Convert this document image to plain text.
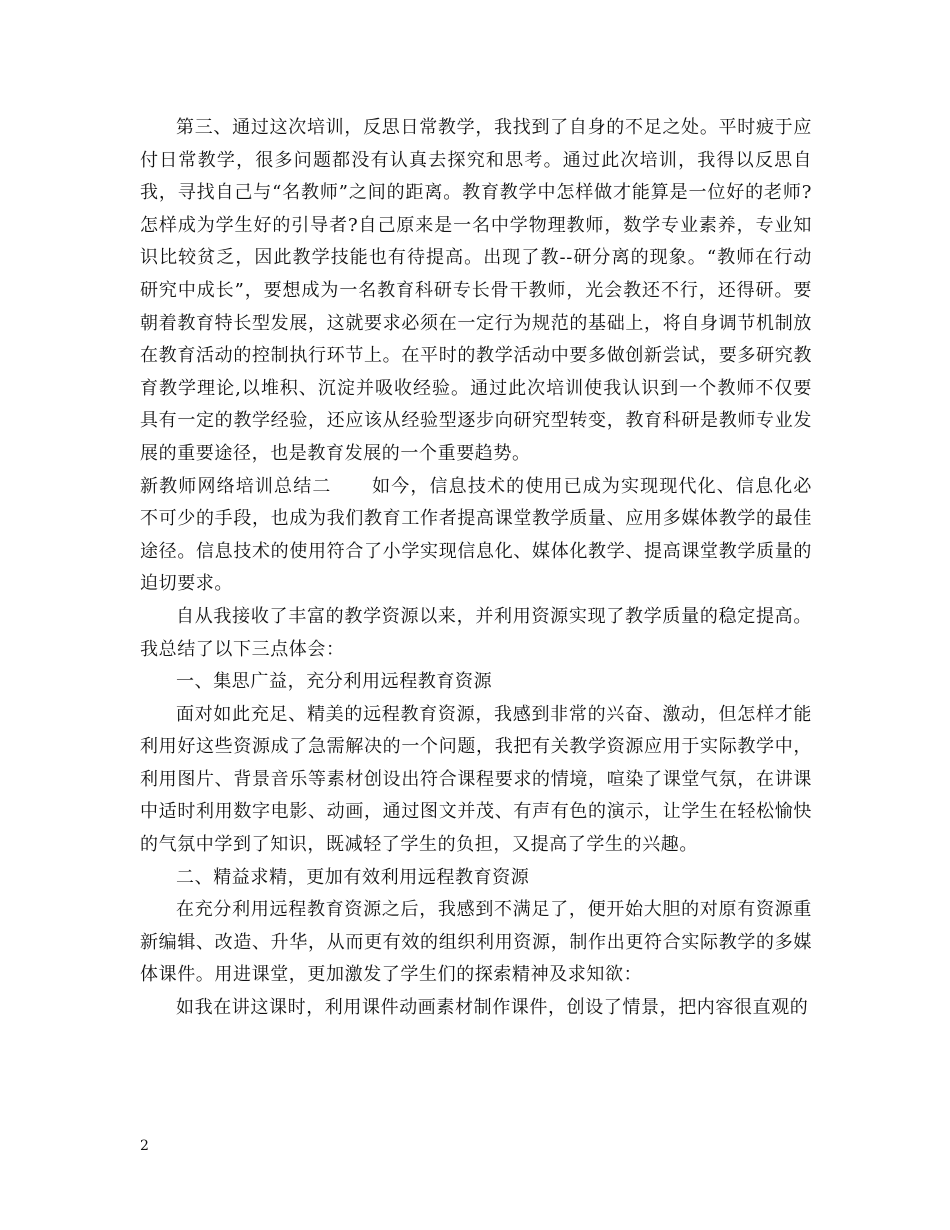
第三、通过这次培训，反思日常教学，我找到了自身的不足之处。平时疲于应付日常教学，很多问题都没有认真去探究和思考。通过此次培训，我得以反思自我，寻找自己与“名教师”之间的距离。教育教学中怎样做才能算是一位好的老师?怎样成为学生好的引导者?自己原来是一名中学物理教师，数学专业素养，专业知识比较贫乏，因此教学技能也有待提高。出现了教--研分离的现象。“教师在行动研究中成长”，要想成为一名教育科研专长骨干教师，光会教还不行，还得研。要朝着教育特长型发展，这就要求必须在一定行为规范的基础上，将自身调节机制放在教育活动的控制执行环节上。在平时的教学活动中要多做创新尝试，要多研究教育教学理论,以堆积、沉淀并吸收经验。通过此次培训使我认识到一个教师不仅要具有一定的教学经验，还应该从经验型逐步向研究型转变，教育科研是教师专业发展的重要途径，也是教育发展的一个重要趋势。

新教师网络培训总结二 如今，信息技术的使用已成为实现现代化、信息化必不可少的手段，也成为我们教育工作者提高课堂教学质量、应用多媒体教学的最佳途径。信息技术的使用符合了小学实现信息化、媒体化教学、提高课堂教学质量的迫切要求。

自从我接收了丰富的教学资源以来，并利用资源实现了教学质量的稳定提高。我总结了以下三点体会：

一、集思广益，充分利用远程教育资源

面对如此充足、精美的远程教育资源，我感到非常的兴奋、激动，但怎样才能利用好这些资源成了急需解决的一个问题，我把有关教学资源应用于实际教学中，利用图片、背景音乐等素材创设出符合课程要求的情境，喧染了课堂气氛，在讲课中适时利用数字电影、动画，通过图文并茂、有声有色的演示，让学生在轻松愉快的气氛中学到了知识，既减轻了学生的负担，又提高了学生的兴趣。

二、精益求精，更加有效利用远程教育资源

在充分利用远程教育资源之后，我感到不满足了，便开始大胆的对原有资源重新编辑、改造、升华，从而更有效的组织利用资源，制作出更符合实际教学的多媒体课件。用进课堂，更加激发了学生们的探索精神及求知欲：

如我在讲这课时，利用课件动画素材制作课件，创设了情景，把内容很直观的

2
